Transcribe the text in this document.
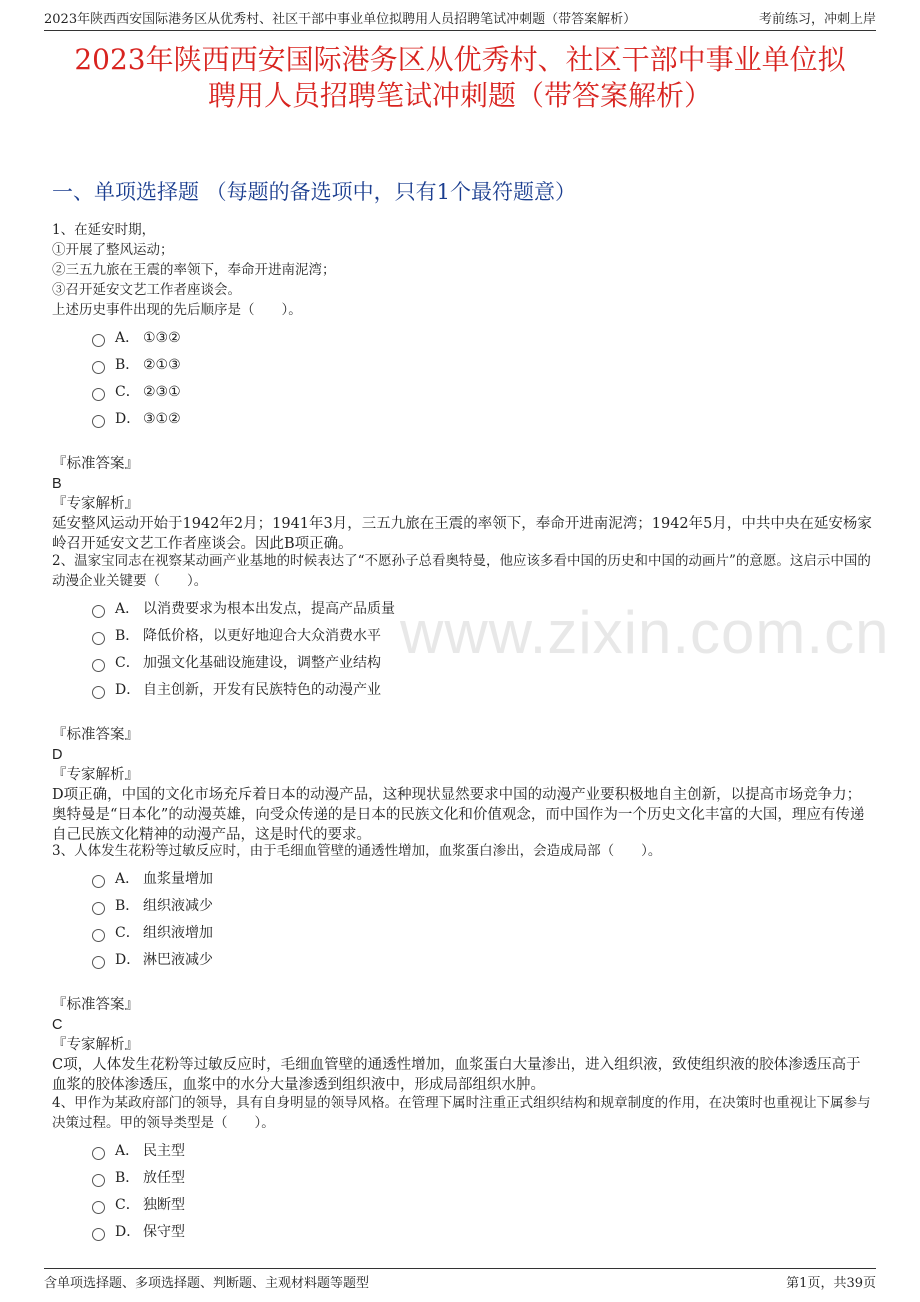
2023年陕西西安国际港务区从优秀村、社区干部中事业单位拟聘用人员招聘笔试冲刺题（带答案解析）	考前练习，冲刺上岸
2023年陕西西安国际港务区从优秀村、社区干部中事业单位拟
聘用人员招聘笔试冲刺题（带答案解析）
一、单项选择题 （每题的备选项中，只有1个最符题意）
www.zixin.com.cn

1、在延安时期，

①开展了整风运动；

②三五九旅在王震的率领下，奉命开进南泥湾；

③召开延安文艺工作者座谈会。

上述历史事件出现的先后顺序是（　　）。

A． ①③②
B． ②①③
C． ②③①
D． ③①②
『标准答案』
B
『专家解析』
延安整风运动开始于1942年2月；1941年3月，三五九旅在王震的率领下，奉命开进南泥湾；1942年5月，中共中央在延安杨家岭召开延安文艺工作者座谈会。因此B项正确。

2、温家宝同志在视察某动画产业基地的时候表达了“不愿孙子总看奥特曼，他应该多看中国的历史和中国的动画片”的意愿。这启示中国的动漫企业关键要（　　）。

A． 以消费要求为根本出发点，提高产品质量
B． 降低价格，以更好地迎合大众消费水平
C． 加强文化基础设施建设，调整产业结构
D． 自主创新，开发有民族特色的动漫产业
『标准答案』
D
『专家解析』
D项正确，中国的文化市场充斥着日本的动漫产品，这种现状显然要求中国的动漫产业要积极地自主创新，以提高市场竞争力；奥特曼是“日本化”的动漫英雄，向受众传递的是日本的民族文化和价值观念，而中国作为一个历史文化丰富的大国，理应有传递自己民族文化精神的动漫产品，这是时代的要求。

3、人体发生花粉等过敏反应时，由于毛细血管壁的通透性增加，血浆蛋白渗出，会造成局部（　　）。

A． 血浆量增加
B． 组织液减少
C． 组织液增加
D． 淋巴液减少
『标准答案』
C
『专家解析』
C项，人体发生花粉等过敏反应时，毛细血管壁的通透性增加，血浆蛋白大量渗出，进入组织液，致使组织液的胶体渗透压高于血浆的胶体渗透压，血浆中的水分大量渗透到组织液中，形成局部组织水肿。

4、甲作为某政府部门的领导，具有自身明显的领导风格。在管理下属时注重正式组织结构和规章制度的作用，在决策时也重视让下属参与决策过程。甲的领导类型是（　　）。

A． 民主型
B． 放任型
C． 独断型
D． 保守型
含单项选择题、多项选择题、判断题、主观材料题等题型	第1页，共39页
